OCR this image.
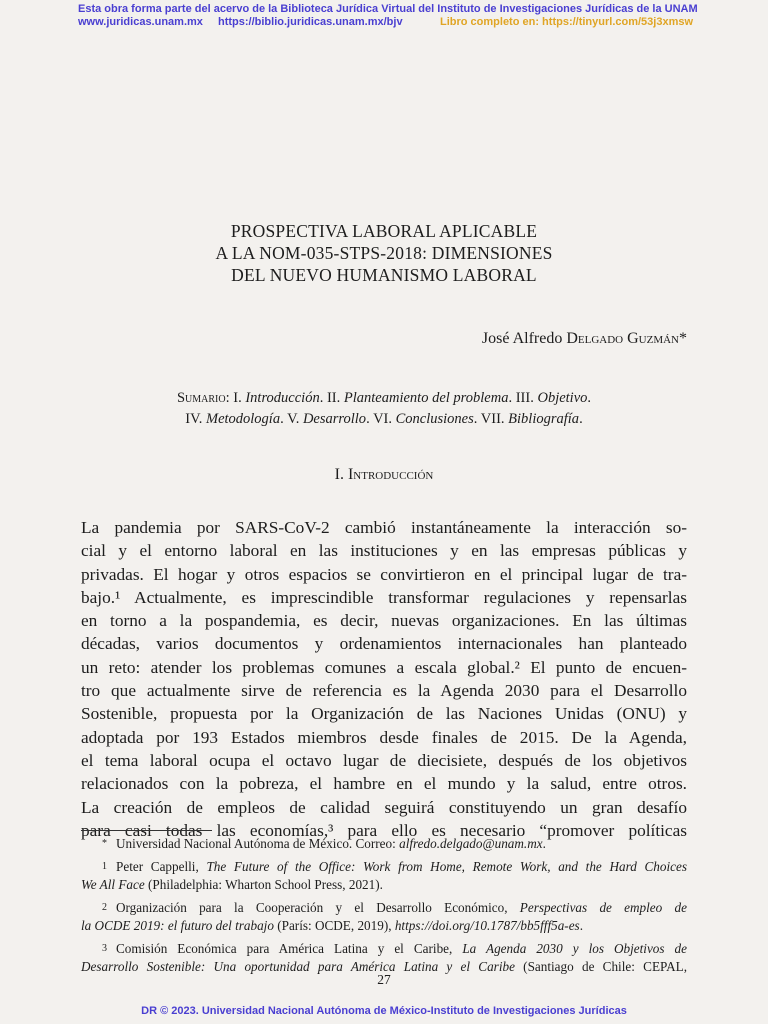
Esta obra forma parte del acervo de la Biblioteca Jurídica Virtual del Instituto de Investigaciones Jurídicas de la UNAM
www.juridicas.unam.mx https://biblio.juridicas.unam.mx/bjv	Libro completo en: https://tinyurl.com/53j3xmsw
PROSPECTIVA LABORAL APLICABLE
A LA NOM-035-STPS-2018: DIMENSIONES
DEL NUEVO HUMANISMO LABORAL
José Alfredo Delgado Guzmán*
Sumario: I. Introducción. II. Planteamiento del problema. III. Objetivo.
IV. Metodología. V. Desarrollo. VI. Conclusiones. VII. Bibliografía.
I. Introducción
La pandemia por SARS-CoV-2 cambió instantáneamente la interacción so-
cial y el entorno laboral en las instituciones y en las empresas públicas y
privadas. El hogar y otros espacios se convirtieron en el principal lugar de tra-
bajo.¹ Actualmente, es imprescindible transformar regulaciones y repensarlas
en torno a la pospandemia, es decir, nuevas organizaciones. En las últimas
décadas, varios documentos y ordenamientos internacionales han planteado
un reto: atender los problemas comunes a escala global.² El punto de encuen-
tro que actualmente sirve de referencia es la Agenda 2030 para el Desarrollo
Sostenible, propuesta por la Organización de las Naciones Unidas (ONU) y
adoptada por 193 Estados miembros desde finales de 2015. De la Agenda,
el tema laboral ocupa el octavo lugar de diecisiete, después de los objetivos
relacionados con la pobreza, el hambre en el mundo y la salud, entre otros.
La creación de empleos de calidad seguirá constituyendo un gran desafío
para casi todas las economías,³ para ello es necesario “promover políticas
* Universidad Nacional Autónoma de México. Correo: alfredo.delgado@unam.mx.
1 Peter Cappelli, The Future of the Office: Work from Home, Remote Work, and the Hard Choices
We All Face (Philadelphia: Wharton School Press, 2021).
2 Organización para la Cooperación y el Desarrollo Económico, Perspectivas de empleo de
la OCDE 2019: el futuro del trabajo (París: OCDE, 2019), https://doi.org/10.1787/bb5fff5a-es.
3 Comisión Económica para América Latina y el Caribe, La Agenda 2030 y los Objetivos de
Desarrollo Sostenible: Una oportunidad para América Latina y el Caribe (Santiago de Chile: CEPAL,
27
DR © 2023. Universidad Nacional Autónoma de México-Instituto de Investigaciones Jurídicas
